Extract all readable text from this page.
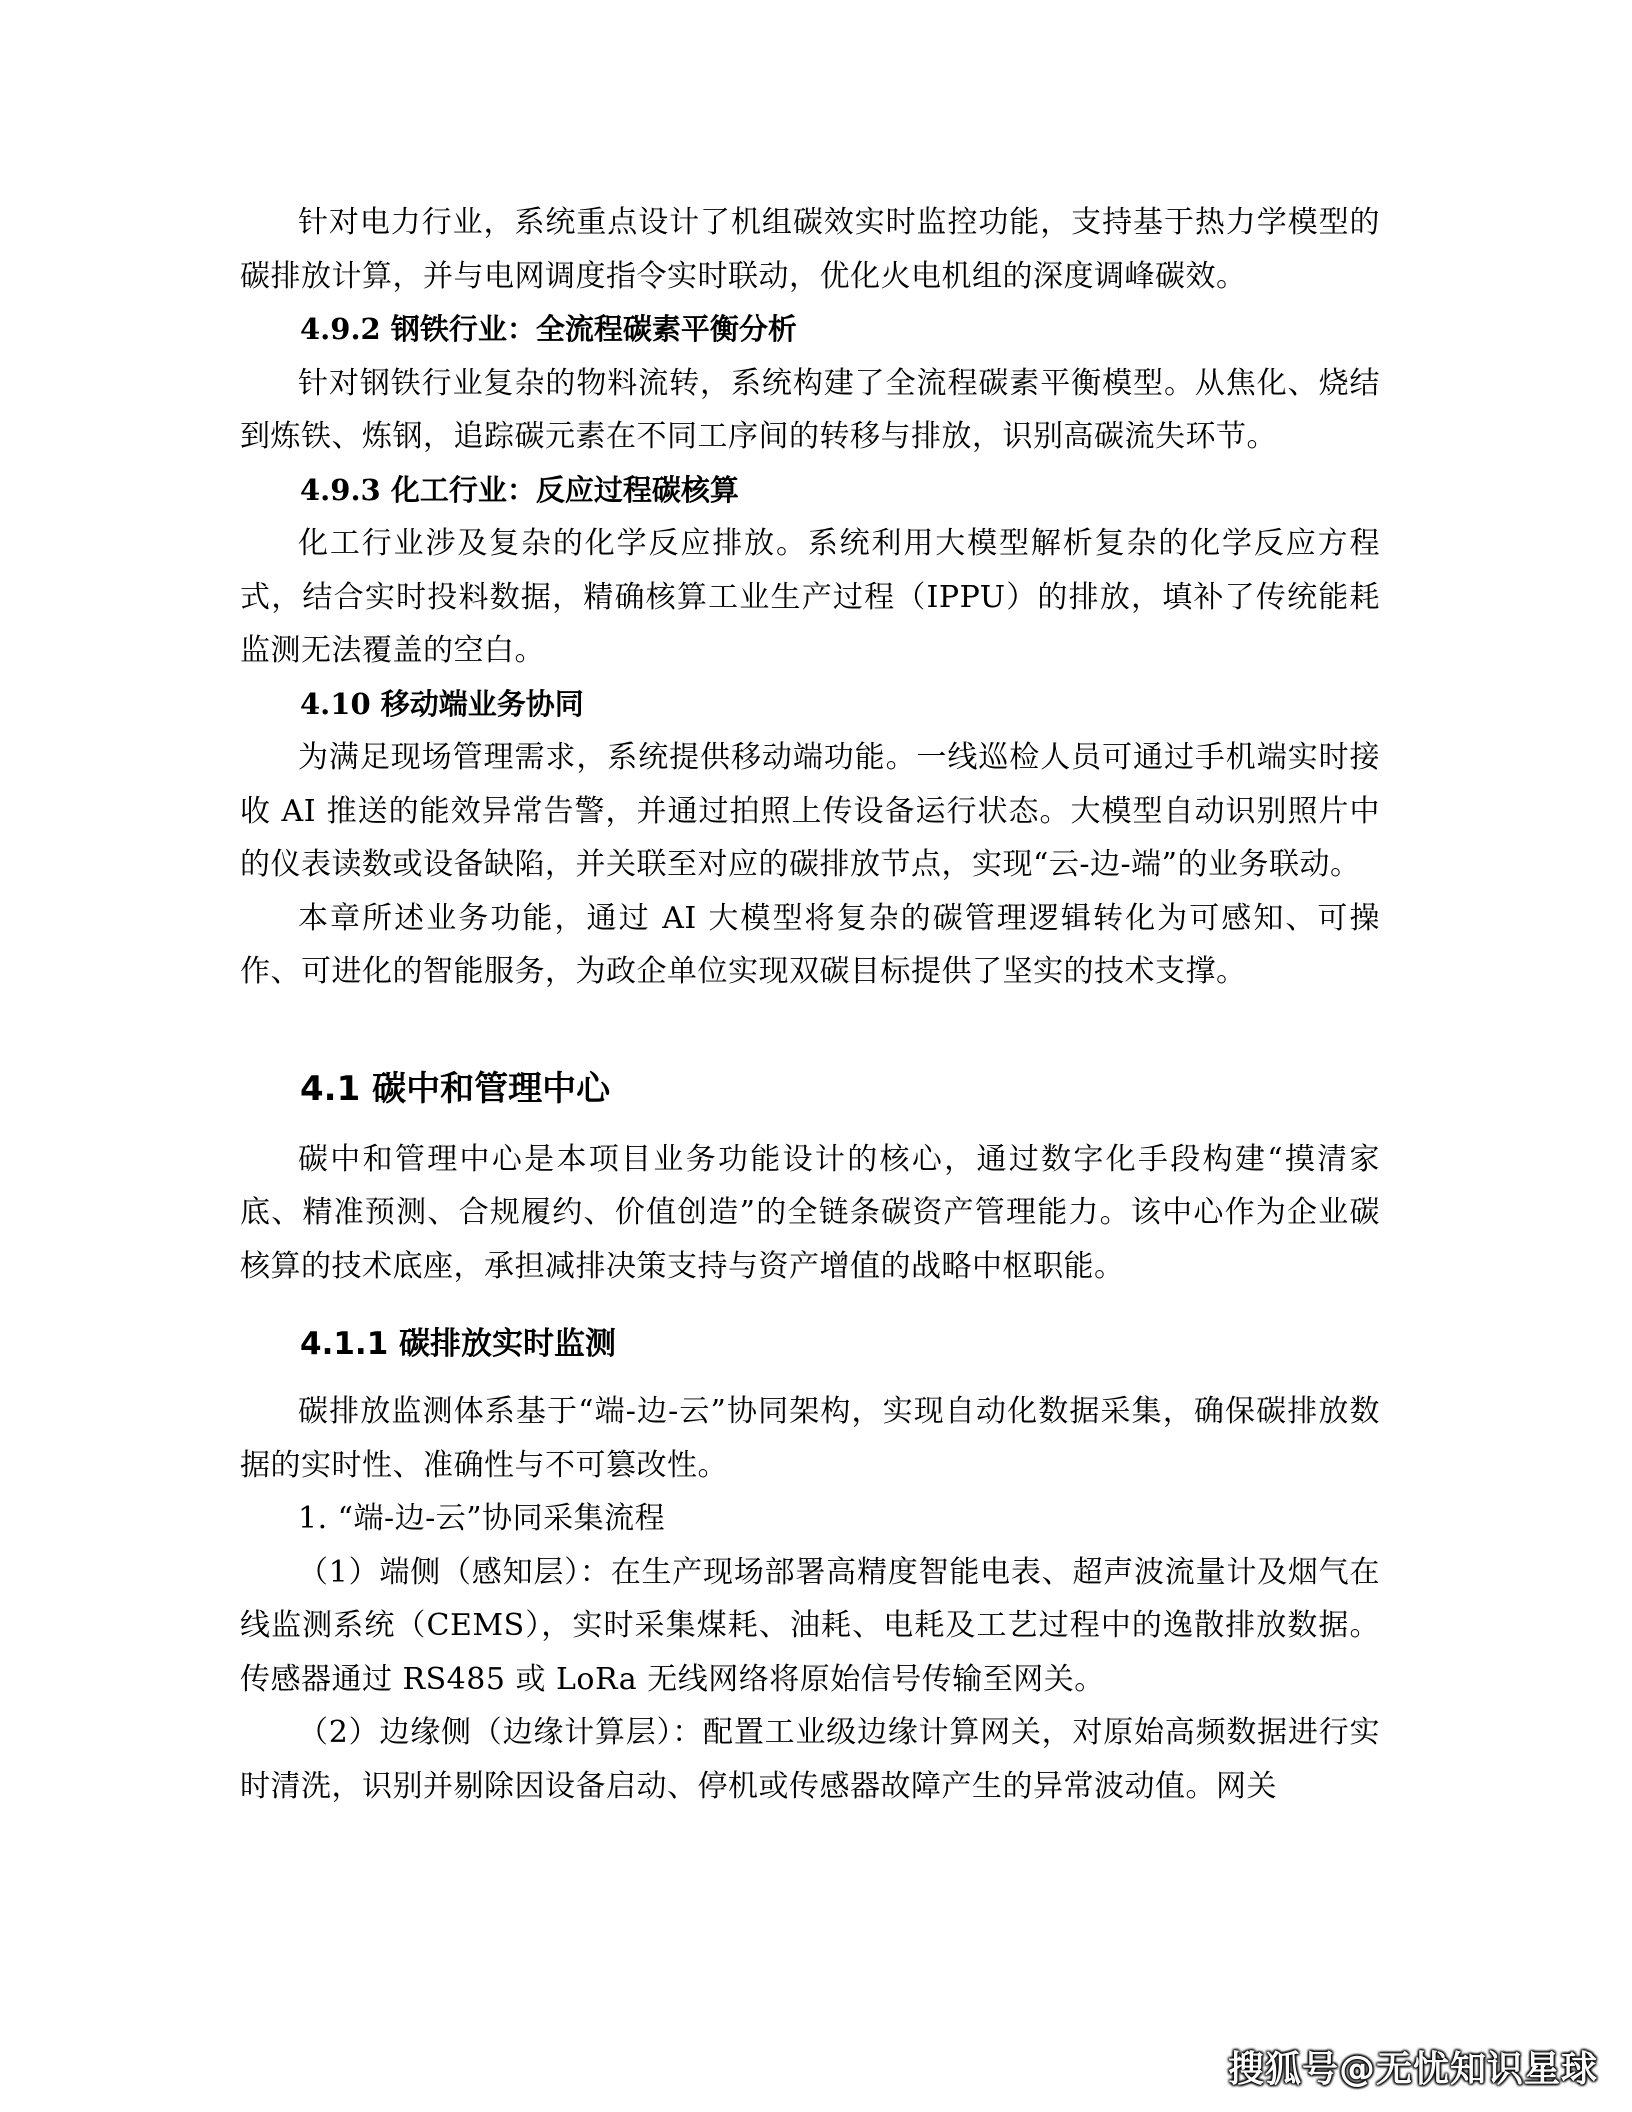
针对电力行业，系统重点设计了机组碳效实时监控功能，支持基于热力学模型的碳排放计算，并与电网调度指令实时联动，优化火电机组的深度调峰碳效。

4.9.2 钢铁行业：全流程碳素平衡分析

针对钢铁行业复杂的物料流转，系统构建了全流程碳素平衡模型。从焦化、烧结到炼铁、炼钢，追踪碳元素在不同工序间的转移与排放，识别高碳流失环节。

4.9.3 化工行业：反应过程碳核算

化工行业涉及复杂的化学反应排放。系统利用大模型解析复杂的化学反应方程式，结合实时投料数据，精确核算工业生产过程（IPPU）的排放，填补了传统能耗监测无法覆盖的空白。

4.10 移动端业务协同

为满足现场管理需求，系统提供移动端功能。一线巡检人员可通过手机端实时接收 AI 推送的能效异常告警，并通过拍照上传设备运行状态。大模型自动识别照片中的仪表读数或设备缺陷，并关联至对应的碳排放节点，实现“云-边-端”的业务联动。

本章所述业务功能，通过 AI 大模型将复杂的碳管理逻辑转化为可感知、可操作、可进化的智能服务，为政企单位实现双碳目标提供了坚实的技术支撑。

4.1 碳中和管理中心

碳中和管理中心是本项目业务功能设计的核心，通过数字化手段构建“摸清家底、精准预测、合规履约、价值创造”的全链条碳资产管理能力。该中心作为企业碳核算的技术底座，承担减排决策支持与资产增值的战略中枢职能。

4.1.1 碳排放实时监测

碳排放监测体系基于“端-边-云”协同架构，实现自动化数据采集，确保碳排放数据的实时性、准确性与不可篡改性。

1. “端-边-云”协同采集流程

（1）端侧（感知层）：在生产现场部署高精度智能电表、超声波流量计及烟气在线监测系统（CEMS），实时采集煤耗、油耗、电耗及工艺过程中的逸散排放数据。传感器通过 RS485 或 LoRa 无线网络将原始信号传输至网关。

（2）边缘侧（边缘计算层）：配置工业级边缘计算网关，对原始高频数据进行实时清洗，识别并剔除因设备启动、停机或传感器故障产生的异常波动值。网关

搜狐号@无忧知识星球
